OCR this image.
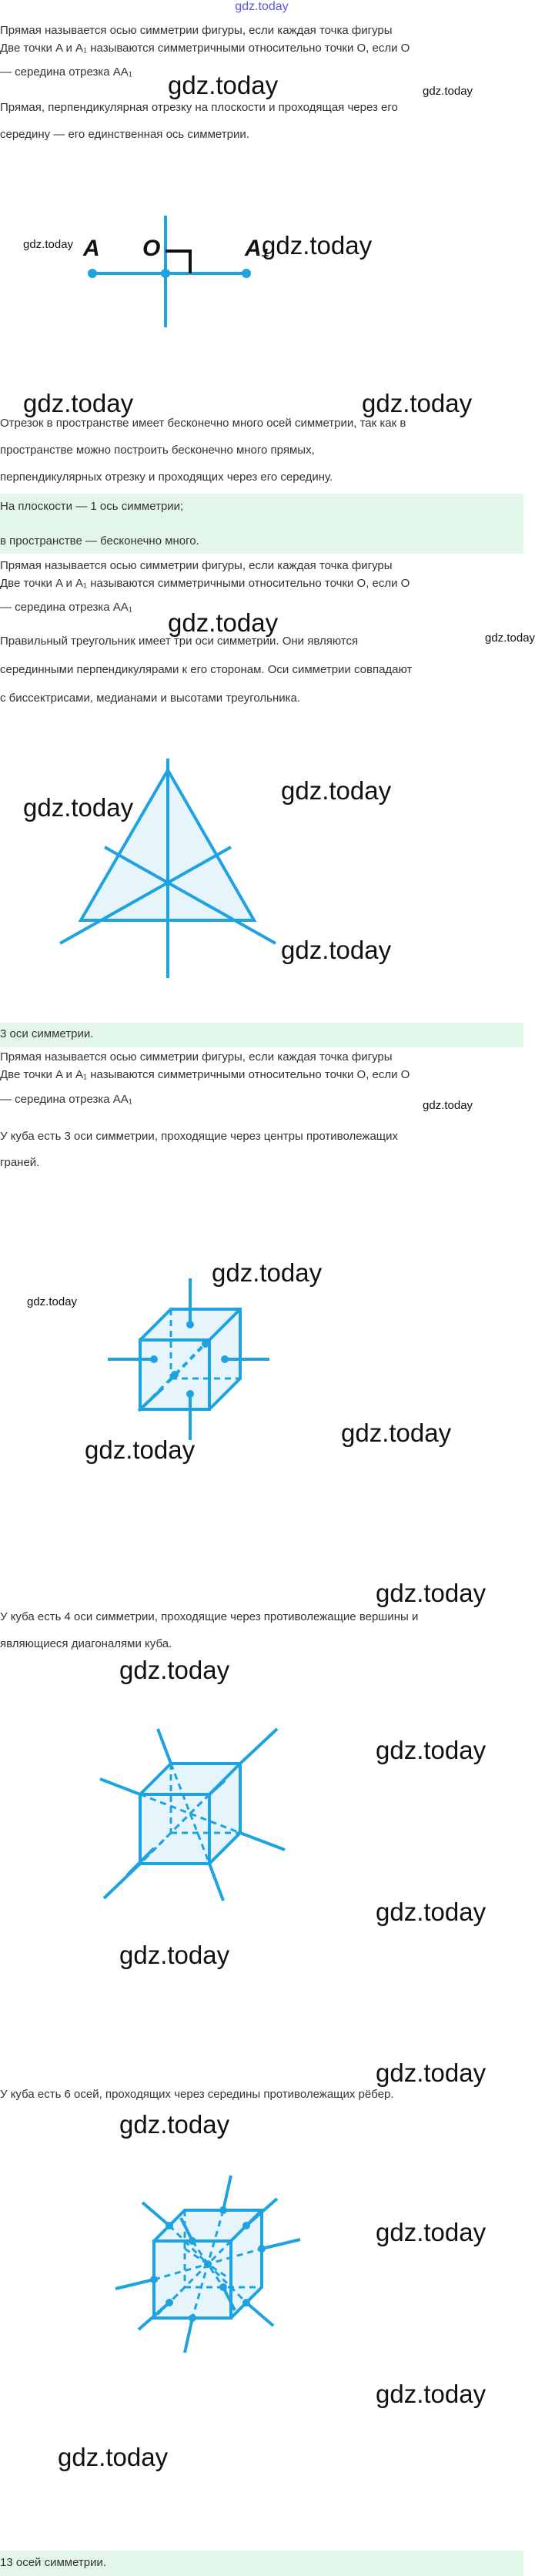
gdz.today
Прямая называется осью симметрии фигуры, если каждая точка фигуры
Две точки A и A₁ называются симметричными относительно точки O, если O
— середина отрезка AA₁
Прямая, перпендикулярная отрезку на плоскости и проходящая через его
середину — его единственная ось симметрии.
A O	A₁
Отрезок в пространстве имеет бесконечно много осей симметрии, так как в
пространстве можно построить бесконечно много прямых,
перпендикулярных отрезку и проходящих через его середину.
На плоскости — 1 ось симметрии;
в пространстве — бесконечно много.
Прямая называется осью симметрии фигуры, если каждая точка фигуры
Две точки A и A₁ называются симметричными относительно точки O, если O
— середина отрезка AA₁
Правильный треугольник имеет три оси симметрии. Они являются
серединными перпендикулярами к его сторонам. Оси симметрии совпадают
с биссектрисами, медианами и высотами треугольника.
3 оси симметрии.
Прямая называется осью симметрии фигуры, если каждая точка фигуры
Две точки A и A₁ называются симметричными относительно точки O, если O
— середина отрезка AA₁
У куба есть 3 оси симметрии, проходящие через центры противолежащих
граней.
У куба есть 4 оси симметрии, проходящие через противолежащие вершины и
являющиеся диагоналями куба.
У куба есть 6 осей, проходящих через середины противолежащих рёбер.
13 осей симметрии.
gdz.today	gdz.today
gdz.today	gdz.today
gdz.today	gdz.today
gdz.today
gdz.today
gdz.today
gdz.today
gdz.today
gdz.today
gdz.today
gdz.today
gdz.today
gdz.today
gdz.today
gdz.today
gdz.today
gdz.today
gdz.today
gdz.today
gdz.today
gdz.today
gdz.today
gdz.today
